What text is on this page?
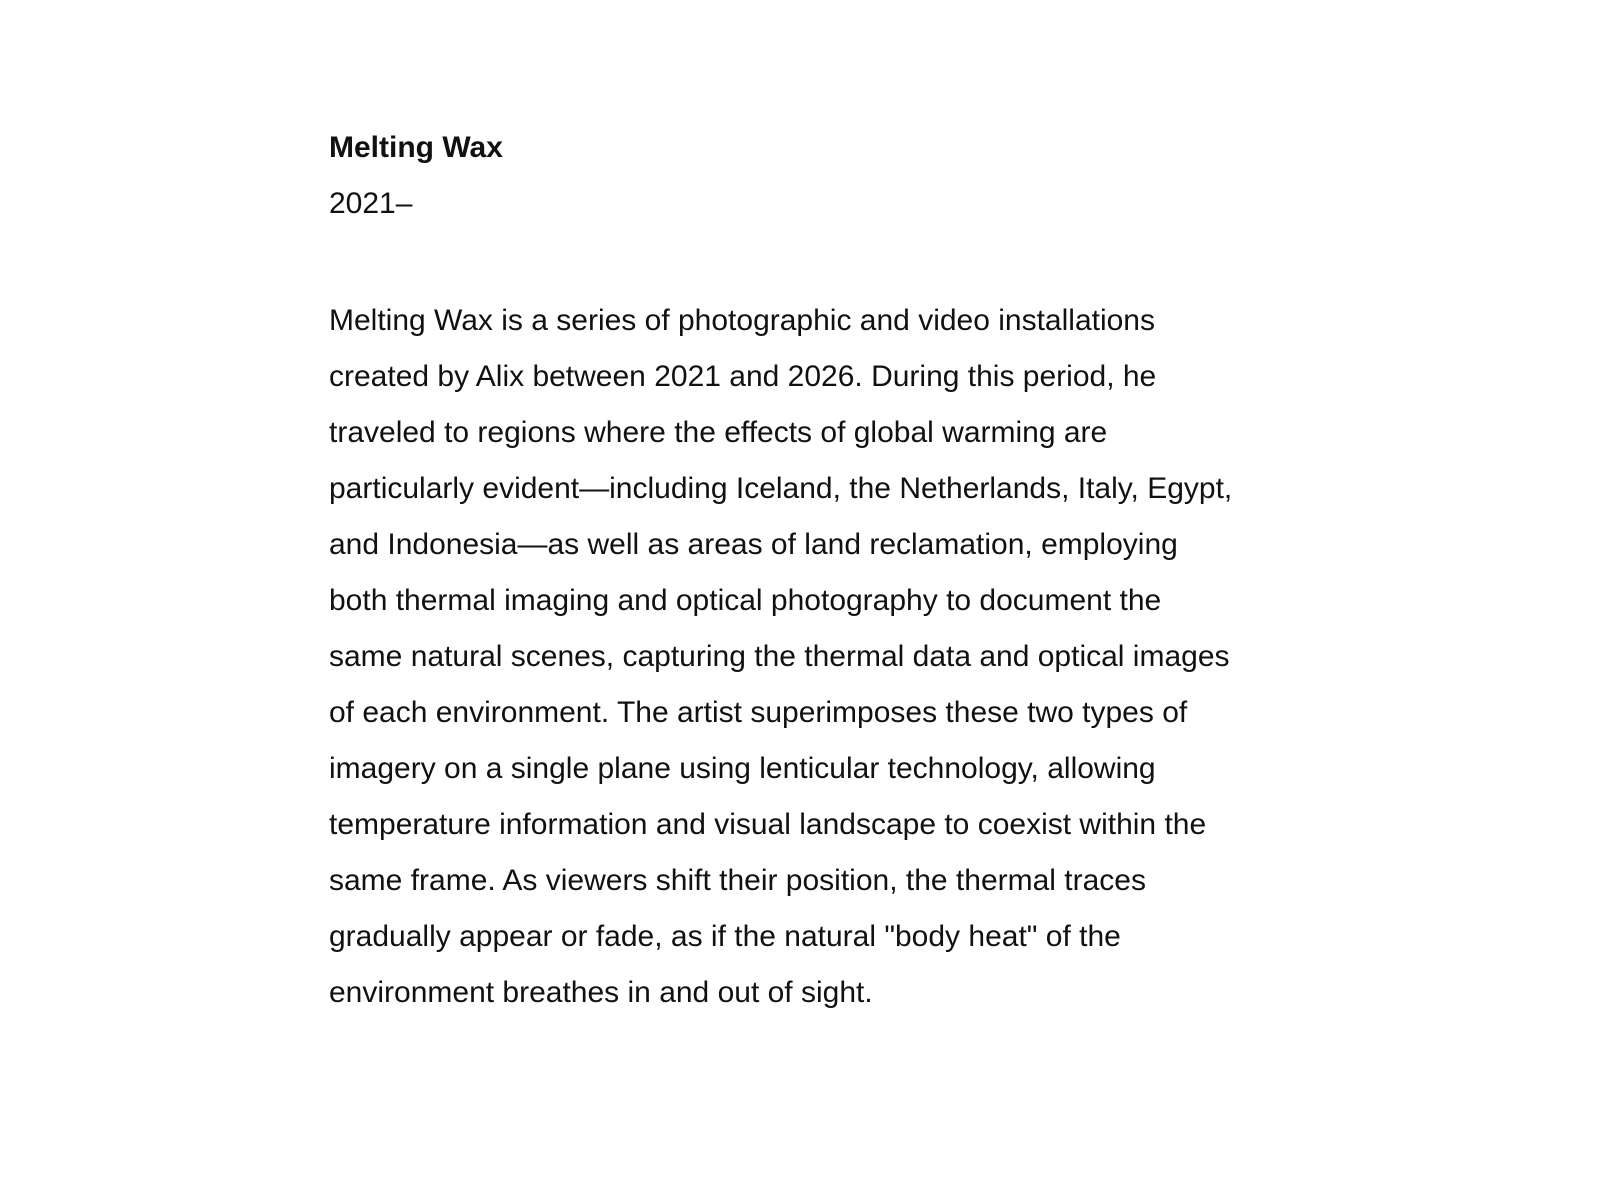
Melting Wax
2021–

Melting Wax is a series of photographic and video installations
created by Alix between 2021 and 2026. During this period, he
traveled to regions where the effects of global warming are
particularly evident—including Iceland, the Netherlands, Italy, Egypt,
and Indonesia—as well as areas of land reclamation, employing
both thermal imaging and optical photography to document the
same natural scenes, capturing the thermal data and optical images
of each environment. The artist superimposes these two types of
imagery on a single plane using lenticular technology, allowing
temperature information and visual landscape to coexist within the
same frame. As viewers shift their position, the thermal traces
gradually appear or fade, as if the natural "body heat" of the
environment breathes in and out of sight.
